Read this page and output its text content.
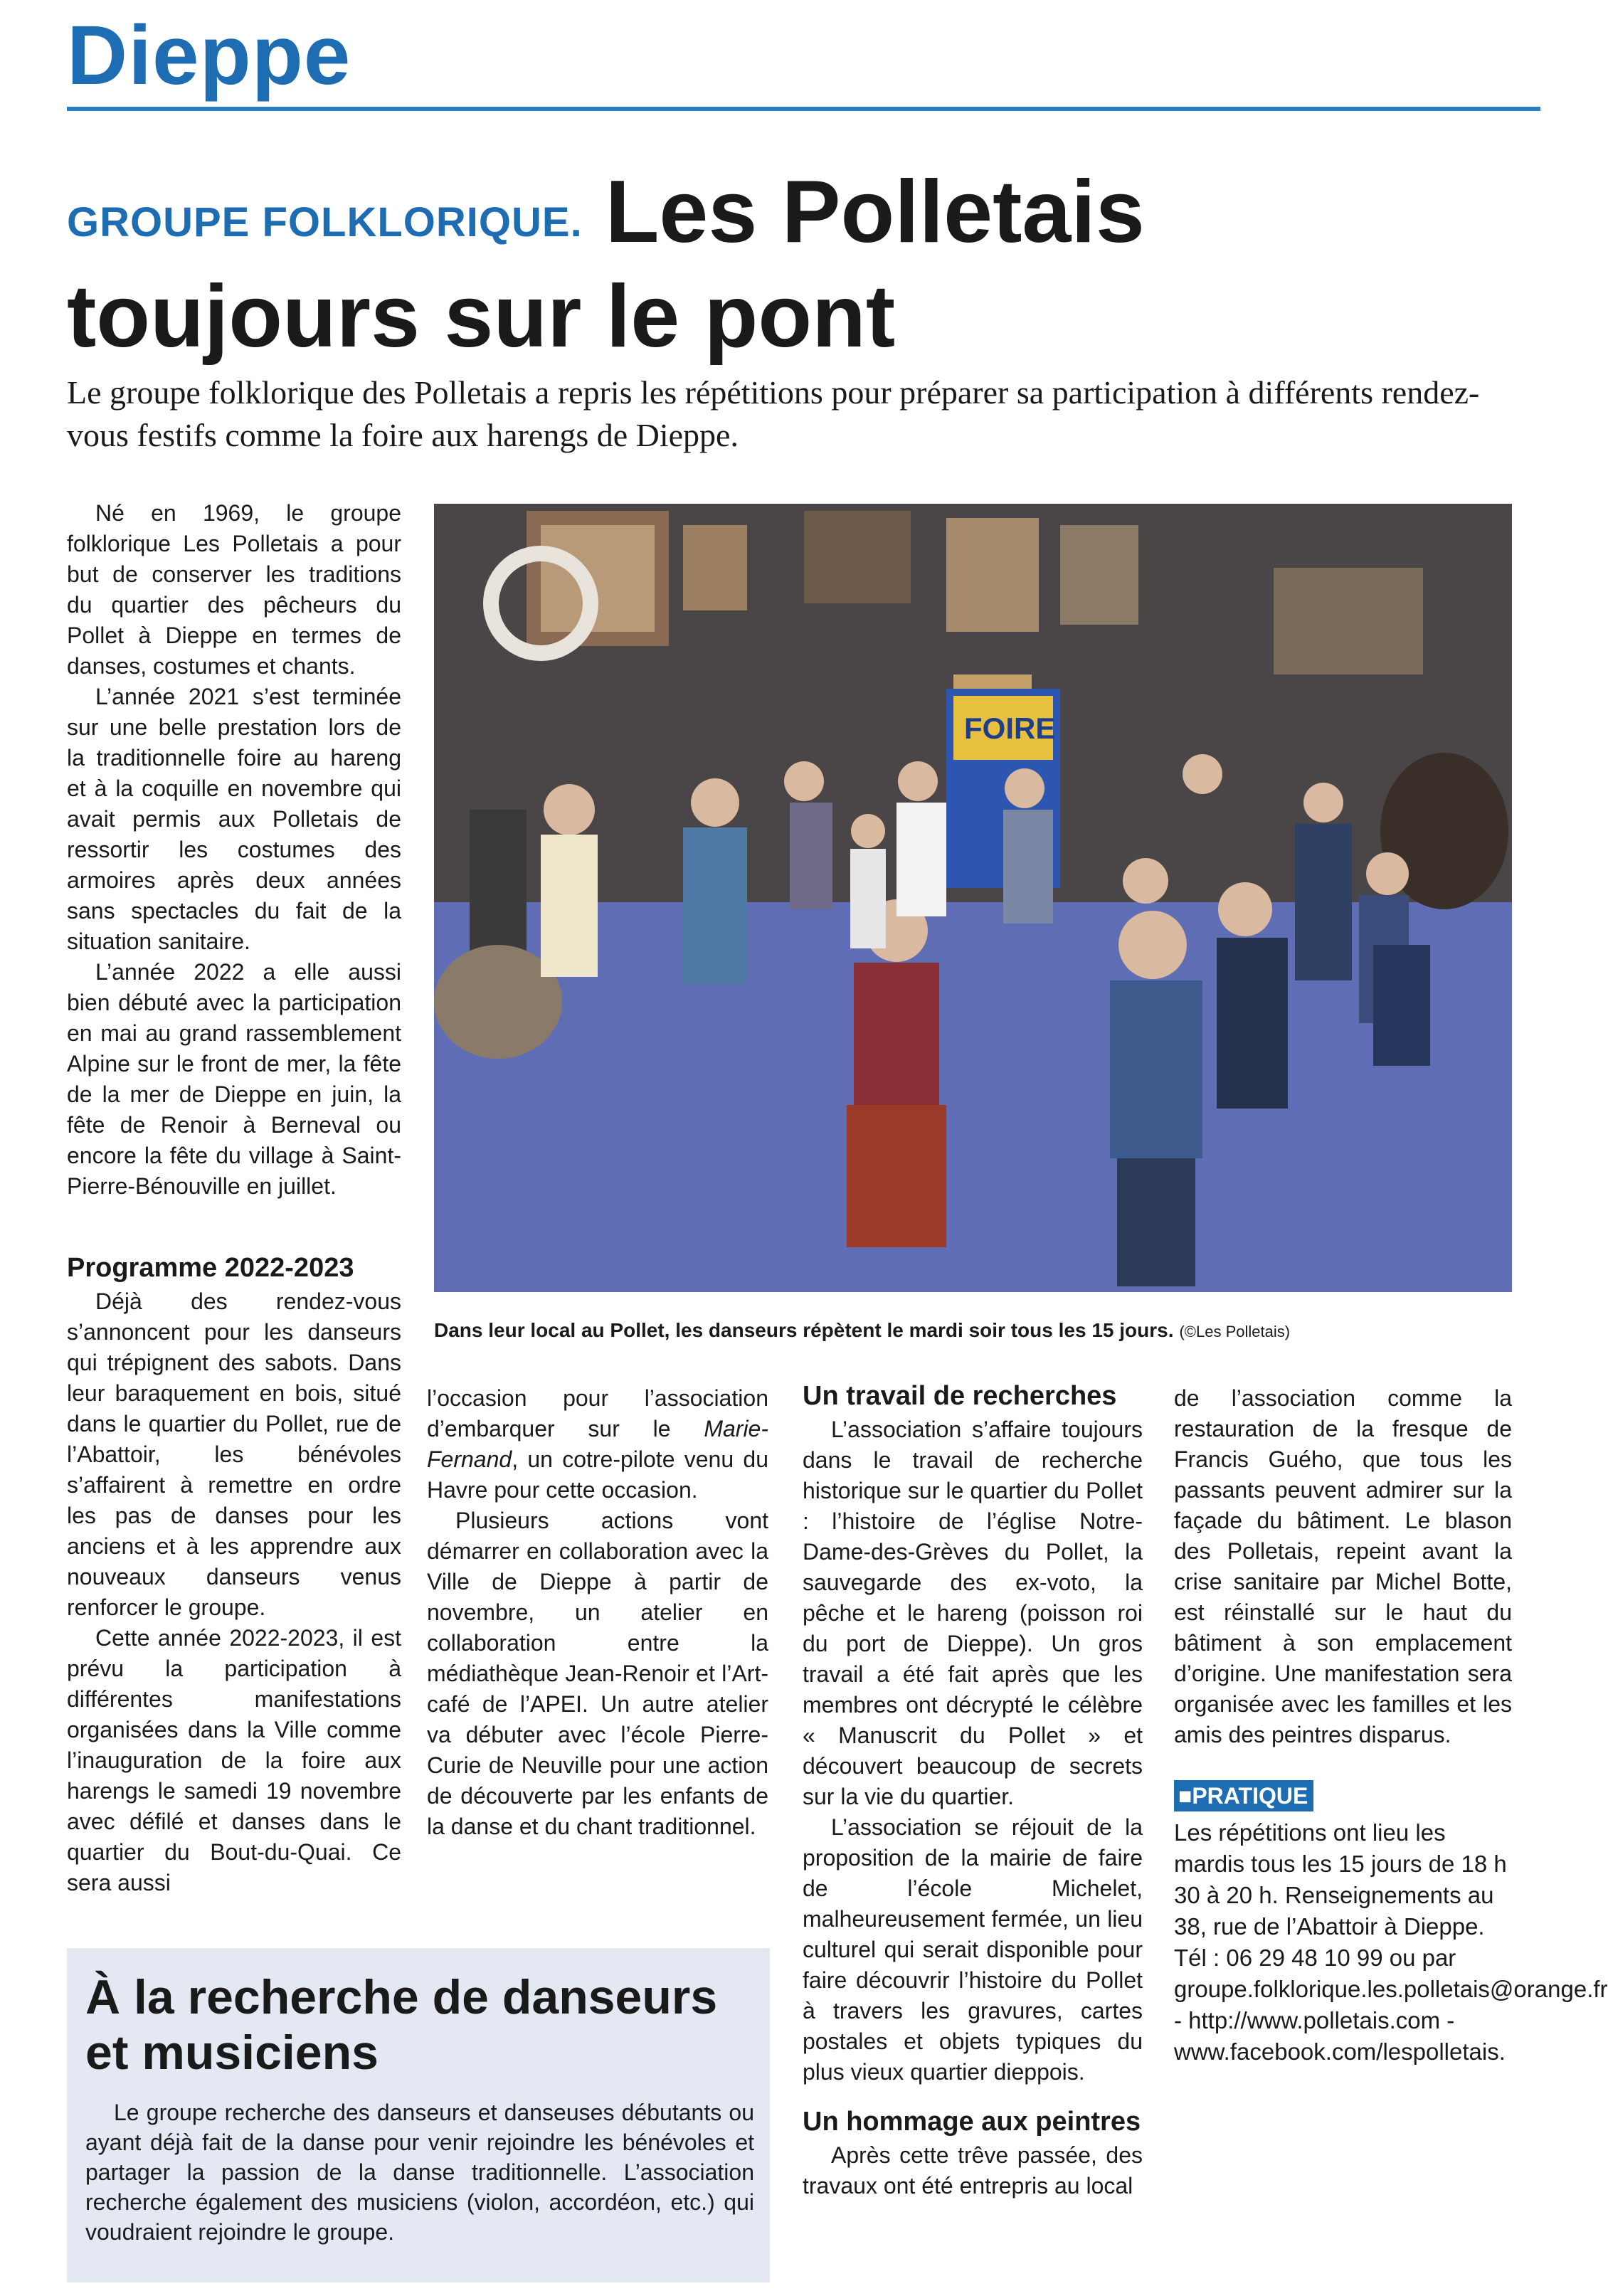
Dieppe
GROUPE FOLKLORIQUE. Les Polletais toujours sur le pont
Le groupe folklorique des Polletais a repris les répétitions pour préparer sa participation à différents rendez-vous festifs comme la foire aux harengs de Dieppe.

Né en 1969, le groupe folklorique Les Polletais a pour but de conserver les traditions du quartier des pêcheurs du Pollet à Dieppe en termes de danses, costumes et chants.

L’année 2021 s’est terminée sur une belle prestation lors de la traditionnelle foire au hareng et à la coquille en novembre qui avait permis aux Polletais de ressortir les costumes des armoires après deux années sans spectacles du fait de la situation sanitaire.

L’année 2022 a elle aussi bien débuté avec la participation en mai au grand rassemblement Alpine sur le front de mer, la fête de la mer de Dieppe en juin, la fête de Renoir à Berneval ou encore la fête du village à Saint-Pierre-Bénouville en juillet.

Programme 2022-2023

Déjà des rendez-vous s’annoncent pour les danseurs qui trépignent des sabots. Dans leur baraquement en bois, situé dans le quartier du Pollet, rue de l’Abattoir, les bénévoles s’affairent à remettre en ordre les pas de danses pour les anciens et à les apprendre aux nouveaux danseurs venus renforcer le groupe.

Cette année 2022-2023, il est prévu la participation à différentes manifestations organisées dans la Ville comme l’inauguration de la foire aux harengs le samedi 19 novembre avec défilé et danses dans le quartier du Bout-du-Quai. Ce sera aussi

FOIRE
Dans leur local au Pollet, les danseurs répètent le mardi soir tous les 15 jours. (©Les Polletais)

l’occasion pour l’association d’embarquer sur le Marie-Fernand, un cotre-pilote venu du Havre pour cette occasion.

Plusieurs actions vont démarrer en collaboration avec la Ville de Dieppe à partir de novembre, un atelier en collaboration entre la médiathèque Jean-Renoir et l’Art-café de l’APEI. Un autre atelier va débuter avec l’école Pierre-Curie de Neuville pour une action de découverte par les enfants de la danse et du chant traditionnel.

Un travail de recherches

L’association s’affaire toujours dans le travail de recherche historique sur le quartier du Pollet : l’histoire de l’église Notre-Dame-des-Grèves du Pollet, la sauvegarde des ex-voto, la pêche et le hareng (poisson roi du port de Dieppe). Un gros travail a été fait après que les membres ont décrypté le célèbre « Manuscrit du Pollet » et découvert beaucoup de secrets sur la vie du quartier.

L’association se réjouit de la proposition de la mairie de faire de l’école Michelet, malheureusement fermée, un lieu culturel qui serait disponible pour faire découvrir l’histoire du Pollet à travers les gravures, cartes postales et objets typiques du plus vieux quartier dieppois.

Un hommage aux peintres

Après cette trêve passée, des travaux ont été entrepris au local

de l’association comme la restauration de la fresque de Francis Guého, que tous les passants peuvent admirer sur la façade du bâtiment. Le blason des Polletais, repeint avant la crise sanitaire par Michel Botte, est réinstallé sur le haut du bâtiment à son emplacement d’origine. Une manifestation sera organisée avec les familles et les amis des peintres disparus.

■PRATIQUE
Les répétitions ont lieu les mardis tous les 15 jours de 18 h 30 à 20 h. Renseignements au 38, rue de l’Abattoir à Dieppe. Tél : 06 29 48 10 99 ou par groupe.folklorique.les.polletais@orange.fr - http://www.polletais.com - www.facebook.com/lespolletais.
À la recherche de danseurs et musiciens
Le groupe recherche des danseurs et danseuses débutants ou ayant déjà fait de la danse pour venir rejoindre les bénévoles et partager la passion de la danse traditionnelle. L’association recherche également des musiciens (violon, accordéon, etc.) qui voudraient rejoindre le groupe.
